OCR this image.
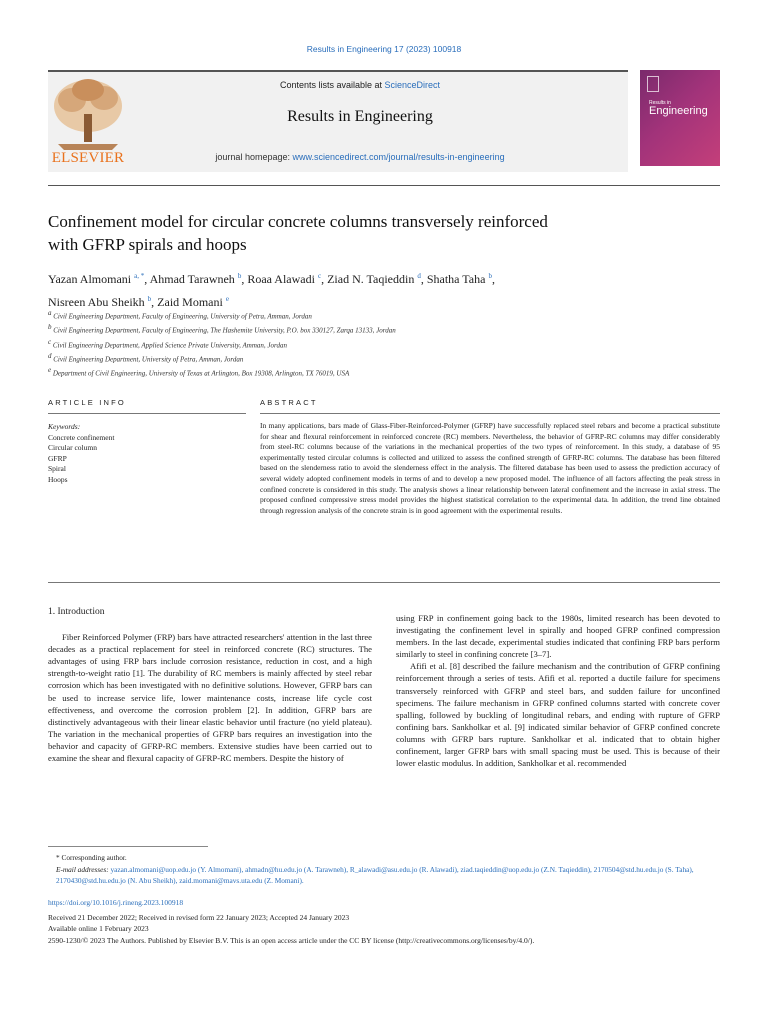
Results in Engineering 17 (2023) 100918
ELSEVIER
Contents lists available at ScienceDirect
Results in Engineering
journal homepage: www.sciencedirect.com/journal/results-in-engineering
Results in
Engineering
Confinement model for circular concrete columns transversely reinforced
with GFRP spirals and hoops
Yazan Almomani $^{a, *}$, Ahmad Tarawneh $^b$, Roaa Alawadi $^c$, Ziad N. Taqieddin $^d$, Shatha Taha $^b$,
Nisreen Abu Sheikh $^b$, Zaid Momani $^e$
$^a$ Civil Engineering Department, Faculty of Engineering, University of Petra, Amman, Jordan
$^b$ Civil Engineering Department, Faculty of Engineering, The Hashemite University, P.O. box 330127, Zarqa 13133, Jordan
$^c$ Civil Engineering Department, Applied Science Private University, Amman, Jordan
$^d$ Civil Engineering Department, University of Petra, Amman, Jordan
$^e$ Department of Civil Engineering, University of Texas at Arlington, Box 19308, Arlington, TX 76019, USA
ARTICLE INFO	ABSTRACT
Keywords:
Concrete confinement
Circular column
GFRP
Spiral
Hoops
In many applications, bars made of Glass-Fiber-Reinforced-Polymer (GFRP) have successfully replaced steel rebars and become a practical substitute for shear and flexural reinforcement in reinforced concrete (RC) members. Nevertheless, the behavior of GFRP-RC columns may differ considerably from steel-RC columns because of the variations in the mechanical properties of the two types of reinforcement. In this study, a database of 95 experimentally tested circular columns is collected and utilized to assess the confined strength of GFRP-RC columns. The database has been filtered based on the slenderness ratio to avoid the slenderness effect in the analysis. The filtered database has been used to assess the prediction accuracy of several widely adopted confinement models in terms of and to develop a new proposed model. The influence of all factors affecting the peak stress in confined concrete is considered in this study. The analysis shows a linear relationship between lateral confinement and the increase in axial stress. The proposed confined compressive stress model provides the highest statistical correlation to the experimental data. In addition, the trend line obtained through regression analysis of the concrete strain is in good agreement with the experimental results.
1. Introduction

Fiber Reinforced Polymer (FRP) bars have attracted researchers' attention in the last three decades as a practical replacement for steel in reinforced concrete (RC) structures. The advantages of using FRP bars include corrosion resistance, reduction in cost, and a high strength-to-weight ratio [1]. The durability of RC members is mainly affected by steel rebar corrosion which has been investigated with no definitive solutions. However, GFRP bars can be used to increase service life, lower maintenance costs, increase life cycle cost effectiveness, and overcome the corrosion problem [2]. In addition, GFRP bars are distinctively advantageous with their linear elastic behavior until fracture (no yield plateau). The variation in the mechanical properties of GFRP bars requires an investigation into the behavior and capacity of GFRP-RC members. Extensive studies have been carried out to examine the shear and flexural capacity of GFRP-RC members. Despite the history of

using FRP in confinement going back to the 1980s, limited research has been devoted to investigating the confinement level in spirally and hooped GFRP confined compression members. In the last decade, experimental studies indicated that confining FRP bars perform similarly to steel in confining concrete [3–7].

Afifi et al. [8] described the failure mechanism and the contribution of GFRP confining reinforcement through a series of tests. Afifi et al. reported a ductile failure for specimens transversely reinforced with GFRP and steel bars, and sudden failure for unconfined specimens. The failure mechanism in GFRP confined columns started with concrete cover spalling, followed by buckling of longitudinal rebars, and ending with rupture of GFRP confining bars. Sankholkar et al. [9] indicated similar behavior of GFRP confined concrete columns with GFRP bars rupture. Sankholkar et al. indicated that to obtain higher confinement, larger GFRP bars with small spacing must be used. This is because of their lower elastic modulus. In addition, Sankholkar et al. recommended

* Corresponding author.
E-mail addresses: yazan.almomani@uop.edu.jo (Y. Almomani), ahmadn@hu.edu.jo (A. Tarawneh), R_alawadi@asu.edu.jo (R. Alawadi), ziad.taqieddin@uop.edu.jo (Z.N. Taqieddin), 2170504@std.hu.edu.jo (S. Taha), 2170430@std.hu.edu.jo (N. Abu Sheikh), zaid.momani@mavs.uta.edu (Z. Momani).
https://doi.org/10.1016/j.rineng.2023.100918
Received 21 December 2022; Received in revised form 22 January 2023; Accepted 24 January 2023
Available online 1 February 2023
2590-1230/© 2023 The Authors. Published by Elsevier B.V. This is an open access article under the CC BY license (http://creativecommons.org/licenses/by/4.0/).
